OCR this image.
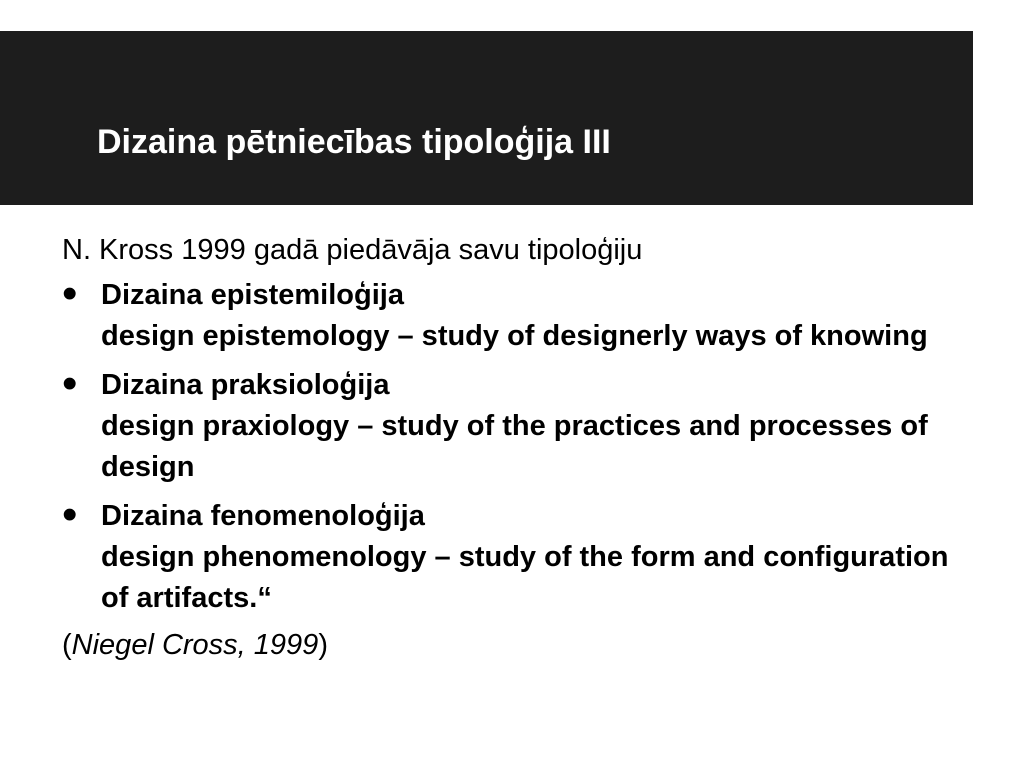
Dizaina pētniecības tipoloģija III

N. Kross 1999 gadā piedāvāja savu tipoloģiju

• Dizaina epistemiloģija
design epistemology – study of designerly ways of knowing
• Dizaina praksioloģija
design praxiology – study of the practices and processes of design
• Dizaina fenomenoloģija
design phenomenology – study of the form and configuration of artifacts.“

(Niegel Cross, 1999)
